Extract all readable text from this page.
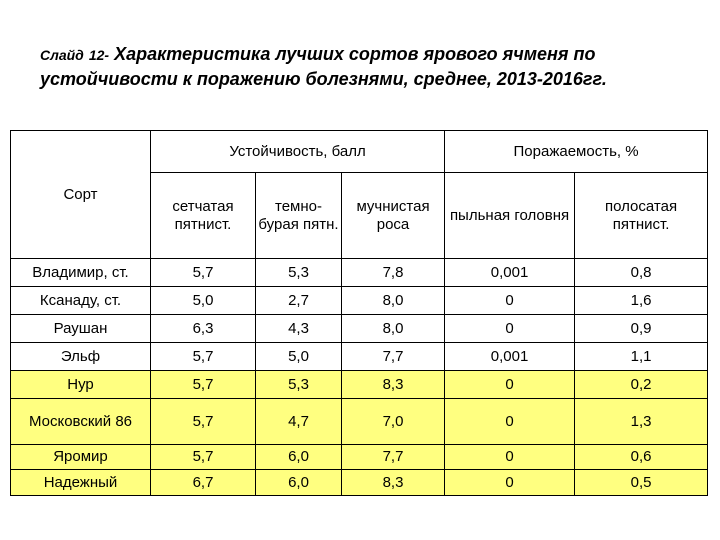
Слайд 12- Характеристика лучших сортов ярового ячменя по
устойчивости к поражению болезнями, среднее, 2013-2016гг.
Сорт	Устойчивость, балл			Поражаемость, %	
	сетчатая пятнист.	темно-бурая пятн.	мучнистая роса	пыльная головня	полосатая пятнист.
Владимир, ст.	5,7	5,3	7,8	0,001	0,8
Ксанаду, ст.	5,0	2,7	8,0	0	1,6
Раушан	6,3	4,3	8,0	0	0,9
Эльф	5,7	5,0	7,7	0,001	1,1
Нур	5,7	5,3	8,3	0	0,2
Московский 86	5,7	4,7	7,0	0	1,3
Яромир	5,7	6,0	7,7	0	0,6
Надежный	6,7	6,0	8,3	0	0,5
